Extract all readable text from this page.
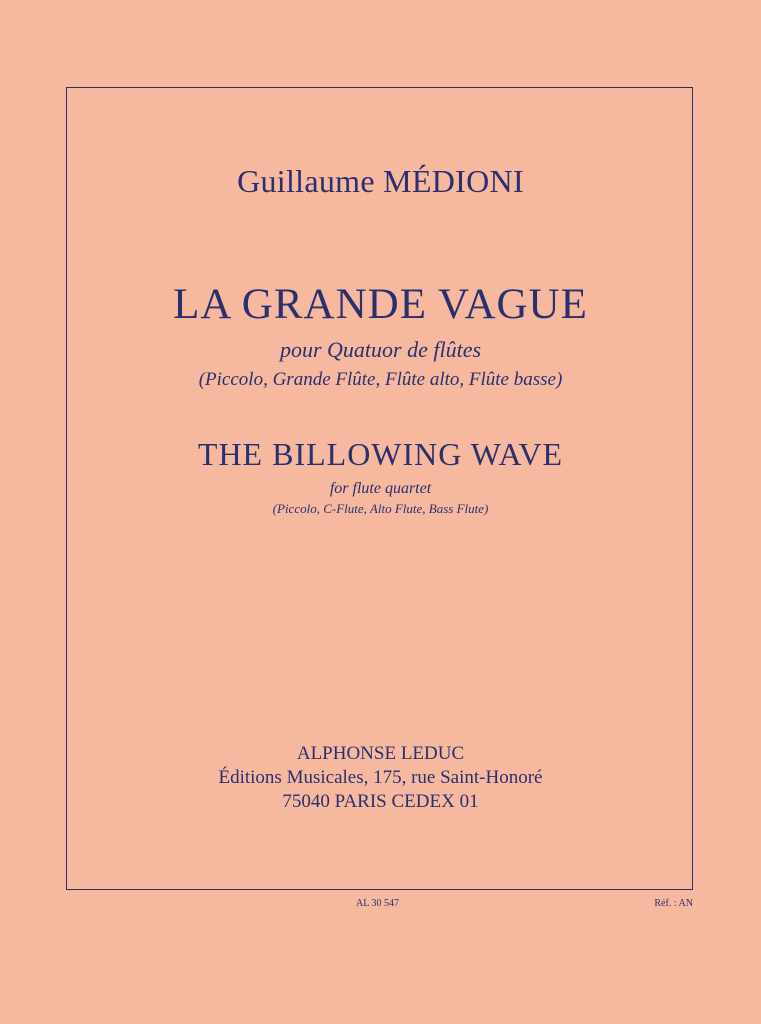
Guillaume MÉDIONI
LA GRANDE VAGUE
pour Quatuor de flûtes
(Piccolo, Grande Flûte, Flûte alto, Flûte basse)
THE BILLOWING WAVE
for flute quartet
(Piccolo, C-Flute, Alto Flute, Bass Flute)
ALPHONSE LEDUC
Éditions Musicales, 175, rue Saint-Honoré
75040 PARIS CEDEX 01
AL 30 547	Réf. : AN
